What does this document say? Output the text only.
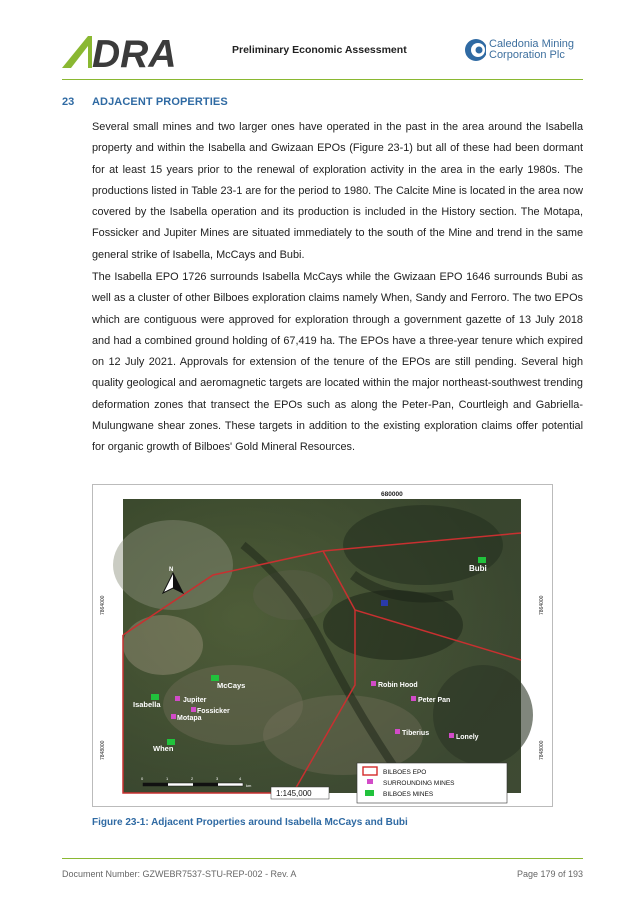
DRA	Preliminary Economic Assessment	Caledonia Mining
Corporation Plc
23 ADJACENT PROPERTIES
Several small mines and two larger ones have operated in the past in the area around the Isabella property and within the Isabella and Gwizaan EPOs (Figure 23-1) but all of these had been dormant for at least 15 years prior to the renewal of exploration activity in the area in the early 1980s. The productions listed in Table 23-1 are for the period to 1980. The Calcite Mine is located in the area now covered by the Isabella operation and its production is included in the History section. The Motapa, Fossicker and Jupiter Mines are situated immediately to the south of the Mine and trend in the same general strike of Isabella, McCays and Bubi.
The Isabella EPO 1726 surrounds Isabella McCays while the Gwizaan EPO 1646 surrounds Bubi as well as a cluster of other Bilboes exploration claims namely When, Sandy and Ferroro. The two EPOs which are contiguous were approved for exploration through a government gazette of 13 July 2018 and had a combined ground holding of 67,419 ha. The EPOs have a three-year tenure which expired on 12 July 2021. Approvals for extension of the tenure of the EPOs are still pending. Several high quality geological and aeromagnetic targets are located within the major northeast-southwest trending deformation zones that transect the EPOs such as along the Peter-Pan, Courtleigh and Gabriella-Mulungwane shear zones. These targets in addition to the existing exploration claims offer potential for organic growth of Bilboes' Gold Mineral Resources.
680000
7864000
7848000
7864000
7848000
N	Bubi
McCays
Isabella
When
Jupiter
Fossicker
Motapa
Robin Hood
Peter Pan
Tiberius
Lonely
0	1	2	3	4
km
1:145,000
BILBOES EPO
SURROUNDING MINES
BILBOES MINES
Figure 23-1: Adjacent Properties around Isabella McCays and Bubi
Document Number: GZWEBR7537-STU-REP-002 - Rev. A	Page 179 of 193
